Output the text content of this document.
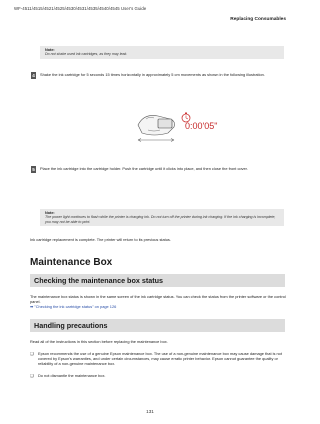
WF-4511/4515/4521/4525/4530/4531/4535/4540/4545 User's Guide
Replacing Consumables
Note:
Do not shake used ink cartridges, as they may leak.
4	Shake the ink cartridge for 5 seconds 15 times horizontally in approximately 5 cm movements as shown in the following illustration.
0:00'05"
5	Place the ink cartridge into the cartridge holder. Push the cartridge until it clicks into place, and then close the front cover.
Note:
The power light continues to flash while the printer is charging ink. Do not turn off the printer during ink charging. If the ink charging is incomplete, you may not be able to print.
Ink cartridge replacement is complete. The printer will return to its previous status.
Maintenance Box
Checking the maintenance box status
The maintenance box status is shown in the same screen of the ink cartridge status. You can check the status from the printer software or the control panel.
➡ "Checking the ink cartridge status" on page 126
Handling precautions
Read all of the instructions in this section before replacing the maintenance box.
❏ Epson recommends the use of a genuine Epson maintenance box. The use of a non-genuine maintenance box may cause damage that is not covered by Epson's warranties, and under certain circumstances, may cause erratic printer behavior. Epson cannot guarantee the quality or reliability of a non-genuine maintenance box.
❏ Do not dismantle the maintenance box.
131
